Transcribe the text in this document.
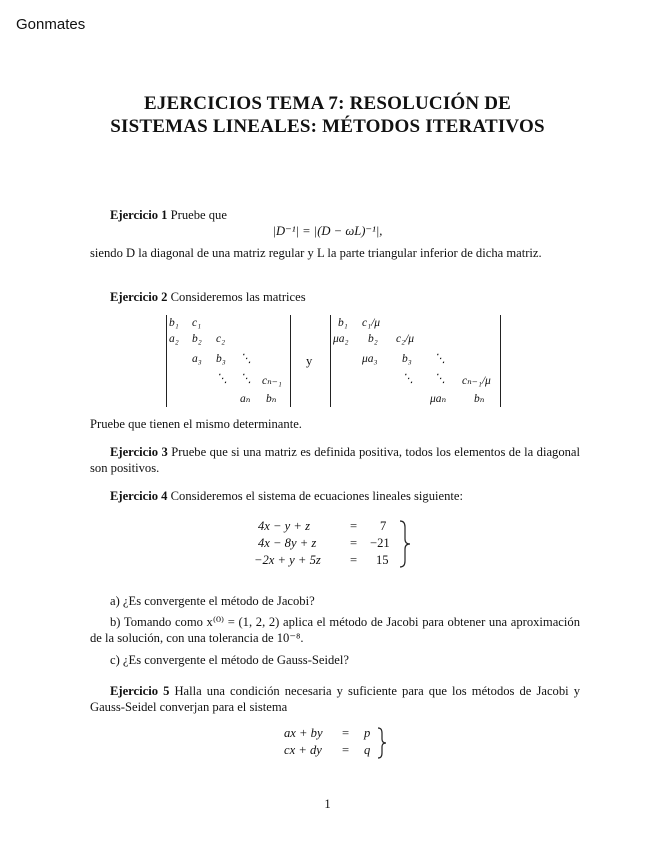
Gonmates
EJERCICIOS TEMA 7: RESOLUCIÓN DE
SISTEMAS LINEALES: MÉTODOS ITERATIVOS
Ejercicio 1 Pruebe que
|D⁻¹| = |(D − ωL)⁻¹|,
siendo D la diagonal de una matriz regular y L la parte triangular inferior de dicha matriz.
Ejercicio 2 Consideremos las matrices
b₁ c₁
a₂ b₂ c₂
a₃ b₃ ⋱
⋱ ⋱ cₙ₋₁
aₙ bₙ
y
b₁ c₁/μ
μa₂ b₂ c₂/μ
μa₃ b₃ ⋱
⋱ ⋱ cₙ₋₁/μ
μaₙ bₙ
Pruebe que tienen el mismo determinante.
Ejercicio 3 Pruebe que si una matriz es definida positiva, todos los elementos de la diagonal son positivos.
Ejercicio 4 Consideremos el sistema de ecuaciones lineales siguiente:
4x − y + z	= 7
4x − 8y + z	= −21
−2x + y + 5z = 15
a) ¿Es convergente el método de Jacobi?
b) Tomando como x⁽⁰⁾ = (1, 2, 2) aplica el método de Jacobi para obtener una aproximación de la solución, con una tolerancia de 10⁻⁸.
c) ¿Es convergente el método de Gauss-Seidel?
Ejercicio 5 Halla una condición necesaria y suficiente para que los métodos de Jacobi y Gauss-Seidel converjan para el sistema
ax + by = p
cx + dy = q
1
